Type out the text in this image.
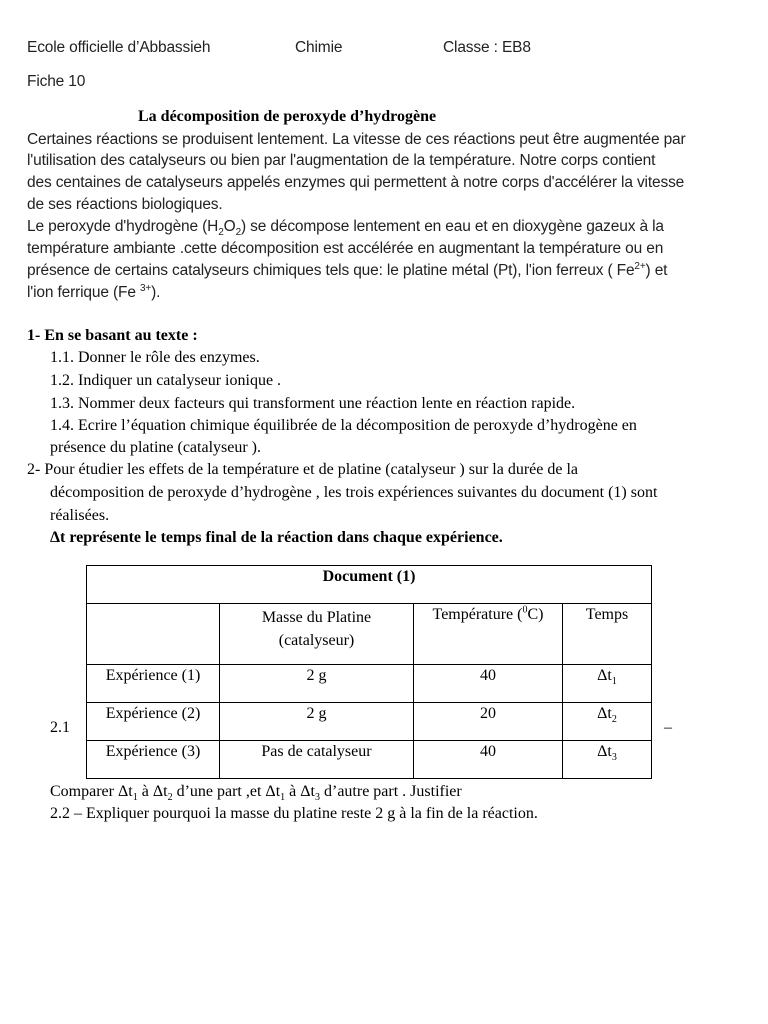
Ecole officielle d’Abbassieh	Chimie	Classe : EB8
Fiche 10
La décomposition de peroxyde d’hydrogène
Certaines réactions se produisent lentement. La vitesse de ces réactions peut être augmentée par
l'utilisation des catalyseurs ou bien par l'augmentation de la température. Notre corps contient
des centaines de catalyseurs appelés enzymes qui permettent à notre corps d'accélérer la vitesse
de ses réactions biologiques.
Le peroxyde d'hydrogène $(H_2O_2)$ se décompose lentement en eau et en dioxygène gazeux à la
température ambiante .cette décomposition est accélérée en augmentant la température ou en
présence de certains catalyseurs chimiques tels que: le platine métal (Pt), l'ion ferreux ( $Fe^{2+}$) et
l'ion ferrique (Fe $^{3+}$).
1- En se basant au texte :
1.1. Donner le rôle des enzymes.
1.2. Indiquer un catalyseur ionique .
1.3. Nommer deux facteurs qui transforment une réaction lente en réaction rapide.
1.4. Ecrire l’équation chimique équilibrée de la décomposition de peroxyde d’hydrogène en
présence du platine (catalyseur ).
2- Pour étudier les effets de la température et de platine (catalyseur ) sur la durée de la
décomposition de peroxyde d’hydrogène , les trois expériences suivantes du document (1) sont
réalisées.
Δt représente le temps final de la réaction dans chaque expérience.
Document (1)			

	Masse du Platine
(catalyseur)	Température ($^0$C)	Temps
Expérience (1)	2 g	40	$\Delta t_1$
Expérience (2)	2 g	20	$\Delta t_2$
Expérience (3)	Pas de catalyseur	40	$\Delta t_3$
2.1	–
Comparer $\Delta t_1$ à $\Delta t_2$ d’une part ,et $\Delta t_1$ à $\Delta t_3$ d’autre part . Justifier
2.2 – Expliquer pourquoi la masse du platine reste 2 g à la fin de la réaction.
